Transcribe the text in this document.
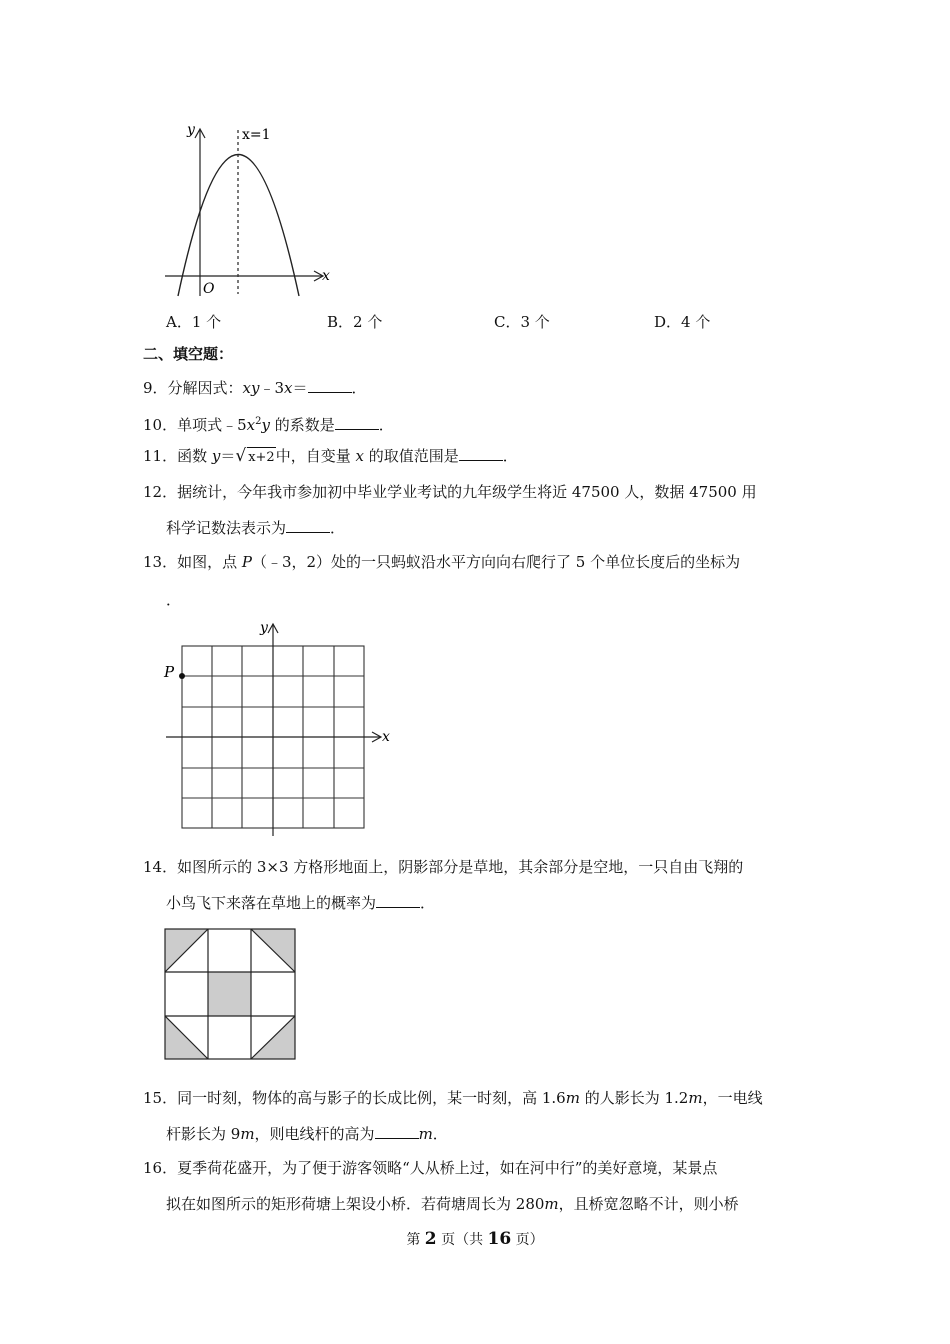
y
x
O
x=1
A．1 个	B．2 个	C．3 个	D．4 个
二、填空题：
9．分解因式：xy﹣3x＝	．
10．单项式$﹣5x^2y$ 的系数是	．
11．函数 y＝√ x+2中，自变量 x 的取值范围是	．
12．据统计，今年我市参加初中毕业学业考试的九年级学生将近 47500 人，数据 47500 用
科学记数法表示为	．
13．如图，点 P（﹣3，2）处的一只蚂蚁沿水平方向向右爬行了 5 个单位长度后的坐标为
．
P
y
x
14．如图所示的 3×3 方格形地面上，阴影部分是草地，其余部分是空地，一只自由飞翔的
小鸟飞下来落在草地上的概率为	．
15．同一时刻，物体的高与影子的长成比例，某一时刻，高 1.6m 的人影长为 1.2m，一电线
杆影长为 9m，则电线杆的高为	m．
16．夏季荷花盛开，为了便于游客领略“人从桥上过，如在河中行”的美好意境，某景点
拟在如图所示的矩形荷塘上架设小桥．若荷塘周长为 280m，且桥宽忽略不计，则小桥
第 2 页（共 16 页）
